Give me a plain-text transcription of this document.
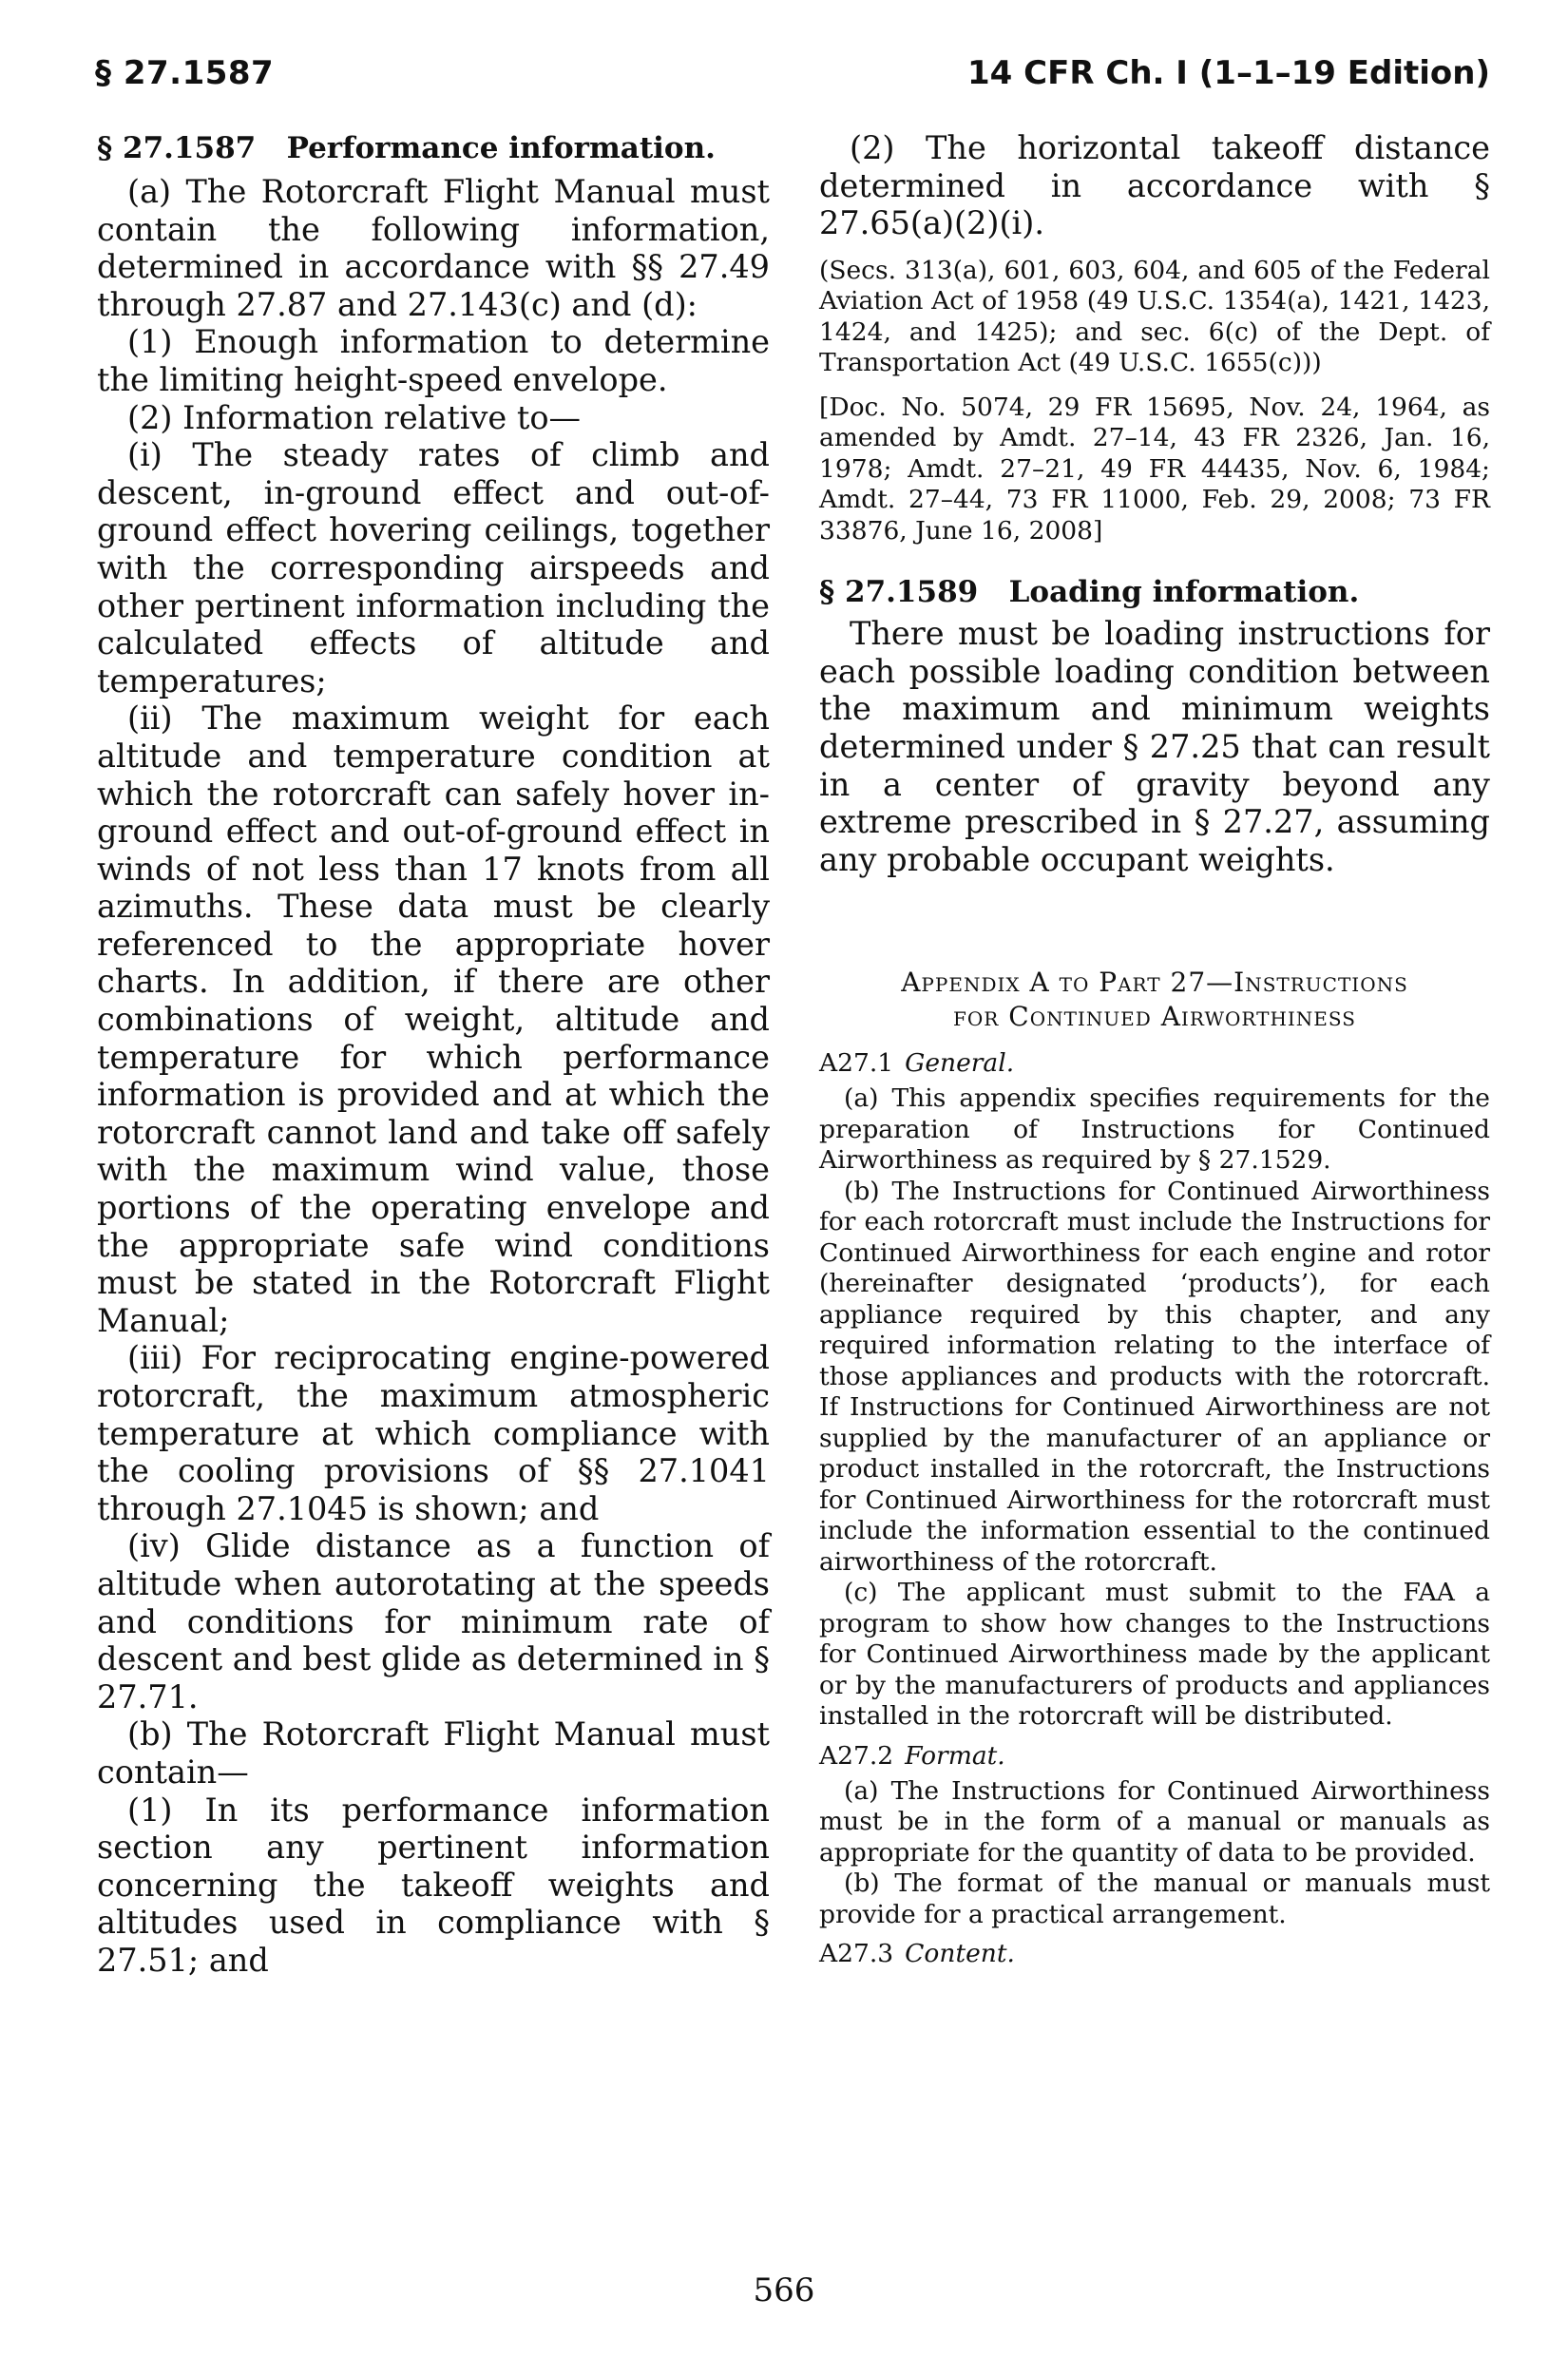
§ 27.1587	14 CFR Ch. I (1–1–19 Edition)
§ 27.1587   Performance information.

(a) The Rotorcraft Flight Manual must contain the following information, determined in accordance with §§ 27.49 through 27.87 and 27.143(c) and (d):

(1) Enough information to determine the limiting height-speed envelope.

(2) Information relative to—

(i) The steady rates of climb and descent, in-ground effect and out-of-ground effect hovering ceilings, together with the corresponding airspeeds and other pertinent information including the calculated effects of altitude and temperatures;

(ii) The maximum weight for each altitude and temperature condition at which the rotorcraft can safely hover in-ground effect and out-of-ground effect in winds of not less than 17 knots from all azimuths. These data must be clearly referenced to the appropriate hover charts. In addition, if there are other combinations of weight, altitude and temperature for which performance information is provided and at which the rotorcraft cannot land and take off safely with the maximum wind value, those portions of the operating envelope and the appropriate safe wind conditions must be stated in the Rotorcraft Flight Manual;

(iii) For reciprocating engine-powered rotorcraft, the maximum atmospheric temperature at which compliance with the cooling provisions of §§ 27.1041 through 27.1045 is shown; and

(iv) Glide distance as a function of altitude when autorotating at the speeds and conditions for minimum rate of descent and best glide as determined in § 27.71.

(b) The Rotorcraft Flight Manual must contain—

(1) In its performance information section any pertinent information concerning the takeoff weights and altitudes used in compliance with § 27.51; and

(2) The horizontal takeoff distance determined in accordance with § 27.65(a)(2)(i).

(Secs. 313(a), 601, 603, 604, and 605 of the Federal Aviation Act of 1958 (49 U.S.C. 1354(a), 1421, 1423, 1424, and 1425); and sec. 6(c) of the Dept. of Transportation Act (49 U.S.C. 1655(c)))

[Doc. No. 5074, 29 FR 15695, Nov. 24, 1964, as amended by Amdt. 27–14, 43 FR 2326, Jan. 16, 1978; Amdt. 27–21, 49 FR 44435, Nov. 6, 1984; Amdt. 27–44, 73 FR 11000, Feb. 29, 2008; 73 FR 33876, June 16, 2008]

§ 27.1589   Loading information.

There must be loading instructions for each possible loading condition between the maximum and minimum weights determined under § 27.25 that can result in a center of gravity beyond any extreme prescribed in § 27.27, assuming any probable occupant weights.

Appendix A to Part 27—Instructions
for Continued Airworthiness
A27.1 General.

(a) This appendix specifies requirements for the preparation of Instructions for Continued Airworthiness as required by § 27.1529.

(b) The Instructions for Continued Airworthiness for each rotorcraft must include the Instructions for Continued Airworthiness for each engine and rotor (hereinafter designated ‘products’), for each appliance required by this chapter, and any required information relating to the interface of those appliances and products with the rotorcraft. If Instructions for Continued Airworthiness are not supplied by the manufacturer of an appliance or product installed in the rotorcraft, the Instructions for Continued Airworthiness for the rotorcraft must include the information essential to the continued airworthiness of the rotorcraft.

(c) The applicant must submit to the FAA a program to show how changes to the Instructions for Continued Airworthiness made by the applicant or by the manufacturers of products and appliances installed in the rotorcraft will be distributed.

A27.2 Format.

(a) The Instructions for Continued Airworthiness must be in the form of a manual or manuals as appropriate for the quantity of data to be provided.

(b) The format of the manual or manuals must provide for a practical arrangement.

A27.3 Content.
566
